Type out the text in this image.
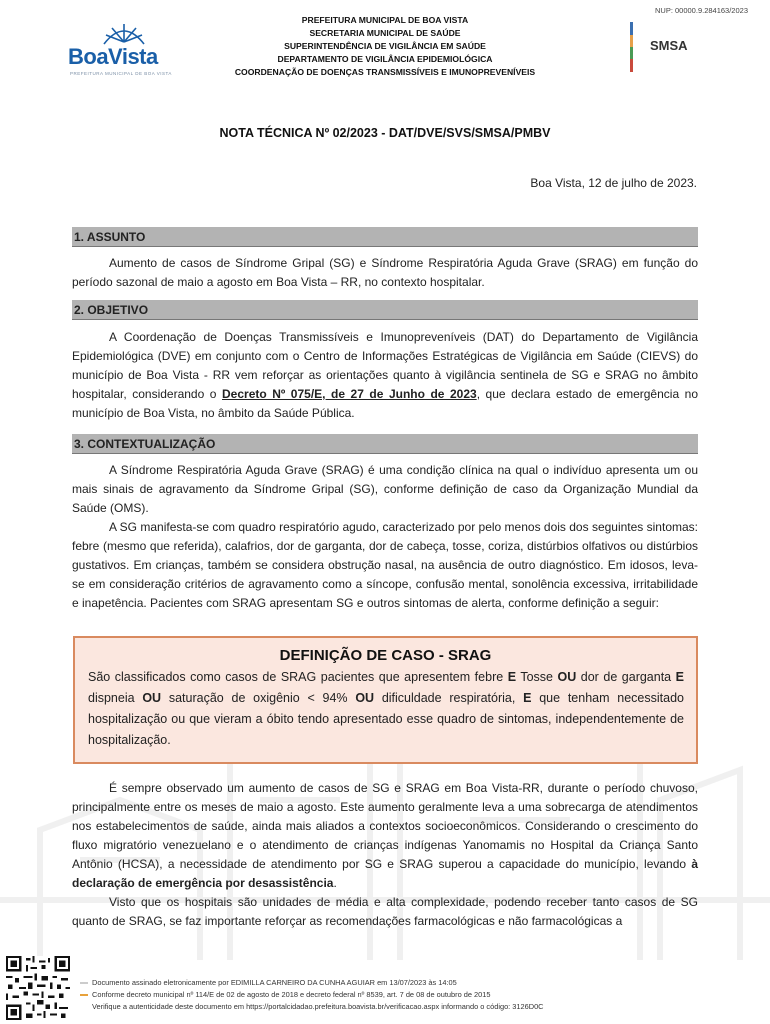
NUP: 00000.9.284163/2023
BoaVista
PREFEITURA MUNICIPAL DE BOA VISTA
PREFEITURA MUNICIPAL DE BOA VISTA
SECRETARIA MUNICIPAL DE SAÚDE
SUPERINTENDÊNCIA DE VIGILÂNCIA EM SAÚDE
DEPARTAMENTO DE VIGILÂNCIA EPIDEMIOLÓGICA
COORDENAÇÃO DE DOENÇAS TRANSMISSÍVEIS E IMUNOPREVENÍVEIS
SMSA
NOTA TÉCNICA Nº 02/2023 - DAT/DVE/SVS/SMSA/PMBV
Boa Vista, 12 de julho de 2023.
1. ASSUNTO

Aumento de casos de Síndrome Gripal (SG) e Síndrome Respiratória Aguda Grave (SRAG) em função do período sazonal de maio a agosto em Boa Vista – RR, no contexto hospitalar.

2. OBJETIVO

A Coordenação de Doenças Transmissíveis e Imunopreveníveis (DAT) do Departamento de Vigilância Epidemiológica (DVE) em conjunto com o Centro de Informações Estratégicas de Vigilância em Saúde (CIEVS) do município de Boa Vista - RR vem reforçar as orientações quanto à vigilância sentinela de SG e SRAG no âmbito hospitalar, considerando o Decreto Nº 075/E, de 27 de Junho de 2023, que declara estado de emergência no município de Boa Vista, no âmbito da Saúde Pública.

3. CONTEXTUALIZAÇÃO

A Síndrome Respiratória Aguda Grave (SRAG) é uma condição clínica na qual o indivíduo apresenta um ou mais sinais de agravamento da Síndrome Gripal (SG), conforme definição de caso da Organização Mundial da Saúde (OMS).

A SG manifesta-se com quadro respiratório agudo, caracterizado por pelo menos dois dos seguintes sintomas: febre (mesmo que referida), calafrios, dor de garganta, dor de cabeça, tosse, coriza, distúrbios olfativos ou distúrbios gustativos. Em crianças, também se considera obstrução nasal, na ausência de outro diagnóstico. Em idosos, leva-se em consideração critérios de agravamento como a síncope, confusão mental, sonolência excessiva, irritabilidade e inapetência. Pacientes com SRAG apresentam SG e outros sintomas de alerta, conforme definição a seguir:

DEFINIÇÃO DE CASO - SRAG
São classificados como casos de SRAG pacientes que apresentem febre E Tosse OU dor de garganta E dispneia OU saturação de oxigênio < 94% OU dificuldade respiratória, E que tenham necessitado hospitalização ou que vieram a óbito tendo apresentado esse quadro de sintomas, independentemente de hospitalização.

É sempre observado um aumento de casos de SG e SRAG em Boa Vista-RR, durante o período chuvoso, principalmente entre os meses de maio a agosto. Este aumento geralmente leva a uma sobrecarga de atendimentos nos estabelecimentos de saúde, ainda mais aliados a contextos socioeconômicos. Considerando o crescimento do fluxo migratório venezuelano e o atendimento de crianças indígenas Yanomamis no Hospital da Criança Santo Antônio (HCSA), a necessidade de atendimento por SG e SRAG superou a capacidade do município, levando à declaração de emergência por desassistência.

Visto que os hospitais são unidades de média e alta complexidade, podendo receber tanto casos de SG quanto de SRAG, se faz importante reforçar as recomendações farmacológicas e não farmacológicas a

Documento assinado eletronicamente por EDIMILLA CARNEIRO DA CUNHA AGUIAR em 13/07/2023 às 14:05
Conforme decreto municipal nº 114/E de 02 de agosto de 2018 e decreto federal nº 8539, art. 7 de 08 de outubro de 2015
Verifique a autenticidade deste documento em https://portalcidadao.prefeitura.boavista.br/verificacao.aspx informando o código: 3126D0C
